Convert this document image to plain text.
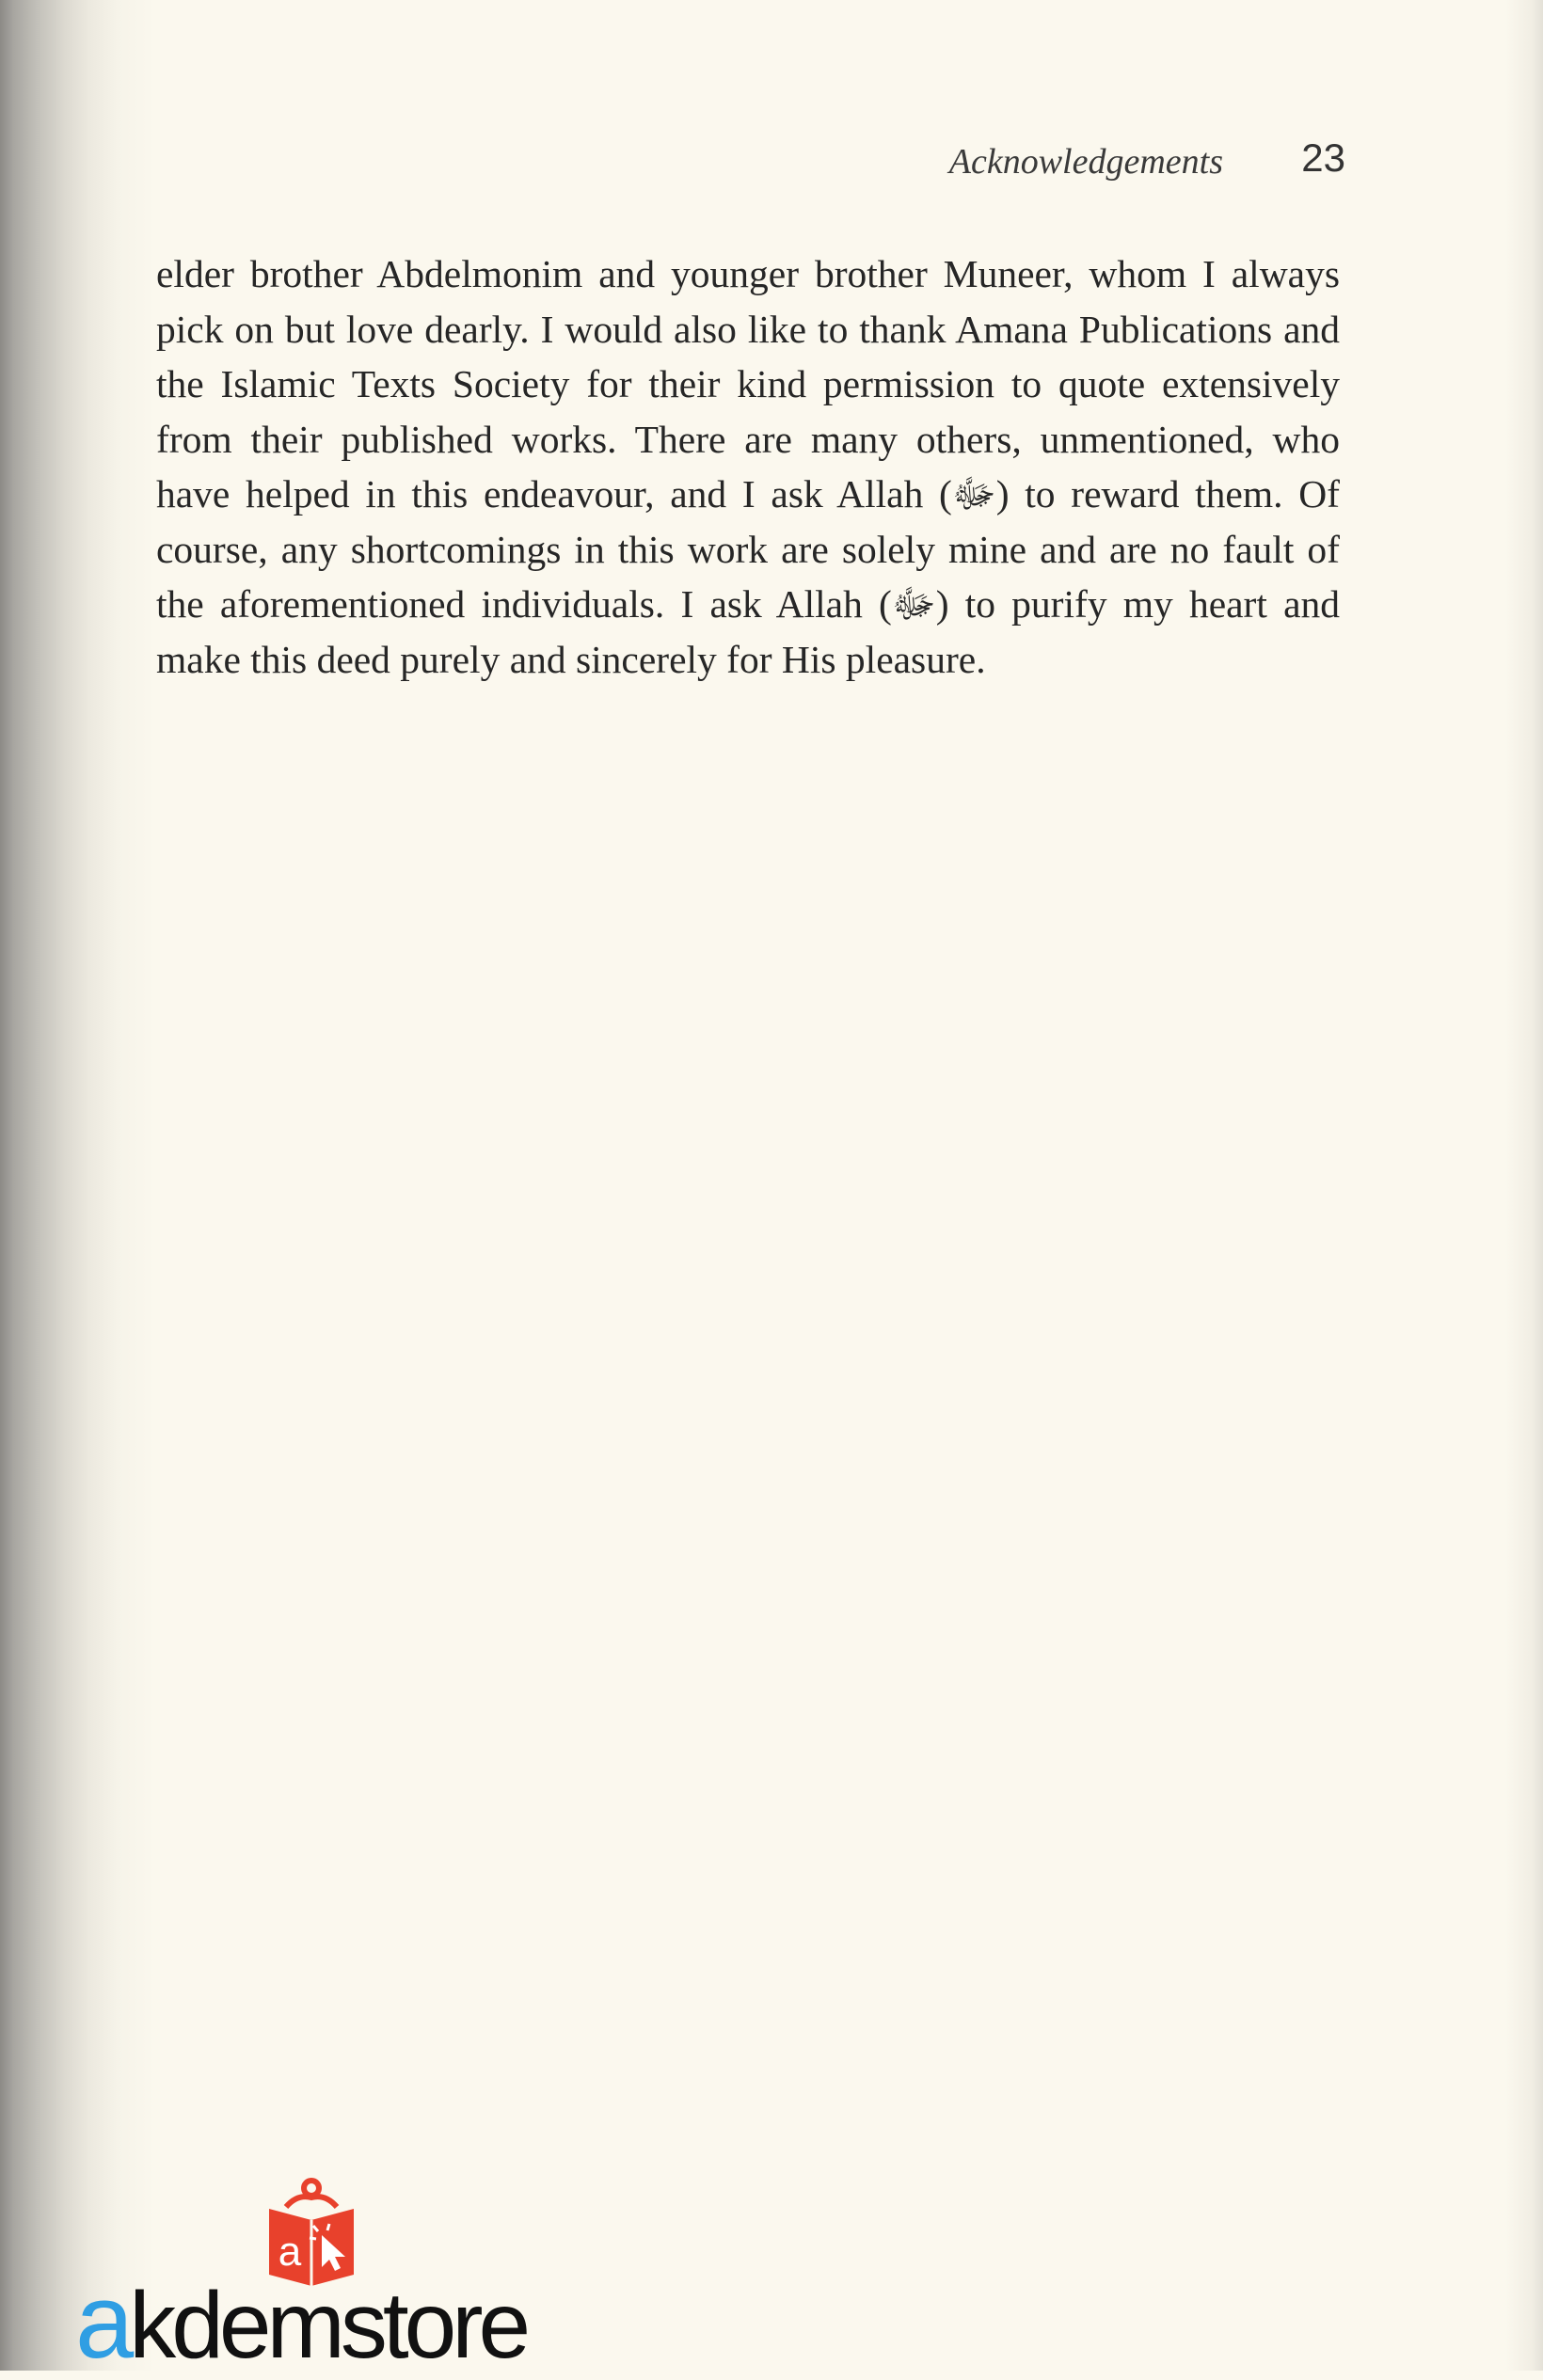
Acknowledgements 23

elder brother Abdelmonim and younger brother Muneer, whom I always pick on but love dearly. I would also like to thank Amana Publications and the Islamic Texts Society for their kind permission to quote extensively from their published works. There are many others, unmentioned, who have helped in this endeavour, and I ask Allah (ﷻ) to reward them. Of course, any shortcomings in this work are solely mine and are no fault of the aforementioned individuals. I ask Allah (ﷻ) to purify my heart and make this deed purely and sincerely for His pleasure.

a
akdemstore
